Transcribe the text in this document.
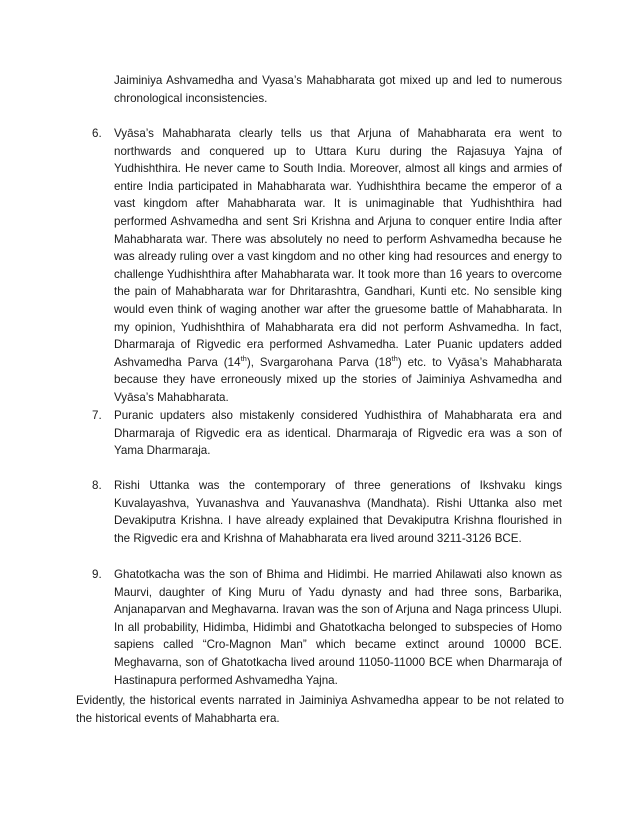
Jaiminiya Ashvamedha and Vyasa’s Mahabharata got mixed up and led to numerous chronological inconsistencies.

6. Vyāsa’s Mahabharata clearly tells us that Arjuna of Mahabharata era went to northwards and conquered up to Uttara Kuru during the Rajasuya Yajna of Yudhishthira. He never came to South India. Moreover, almost all kings and armies of entire India participated in Mahabharata war. Yudhishthira became the emperor of a vast kingdom after Mahabharata war. It is unimaginable that Yudhishthira had performed Ashvamedha and sent Sri Krishna and Arjuna to conquer entire India after Mahabharata war. There was absolutely no need to perform Ashvamedha because he was already ruling over a vast kingdom and no other king had resources and energy to challenge Yudhishthira after Mahabharata war. It took more than 16 years to overcome the pain of Mahabharata war for Dhritarashtra, Gandhari, Kunti etc. No sensible king would even think of waging another war after the gruesome battle of Mahabharata. In my opinion, Yudhishthira of Mahabharata era did not perform Ashvamedha. In fact, Dharmaraja of Rigvedic era performed Ashvamedha. Later Puanic updaters added Ashvamedha Parva (14th), Svargarohana Parva (18th) etc. to Vyāsa’s Mahabharata because they have erroneously mixed up the stories of Jaiminiya Ashvamedha and Vyāsa’s Mahabharata.

7. Puranic updaters also mistakenly considered Yudhisthira of Mahabharata era and Dharmaraja of Rigvedic era as identical. Dharmaraja of Rigvedic era was a son of Yama Dharmaraja.

8. Rishi Uttanka was the contemporary of three generations of Ikshvaku kings Kuvalayashva, Yuvanashva and Yauvanashva (Mandhata). Rishi Uttanka also met Devakiputra Krishna. I have already explained that Devakiputra Krishna flourished in the Rigvedic era and Krishna of Mahabharata era lived around 3211-3126 BCE.

9. Ghatotkacha was the son of Bhima and Hidimbi. He married Ahilawati also known as Maurvi, daughter of King Muru of Yadu dynasty and had three sons, Barbarika, Anjanaparvan and Meghavarna. Iravan was the son of Arjuna and Naga princess Ulupi. In all probability, Hidimba, Hidimbi and Ghatotkacha belonged to subspecies of Homo sapiens called “Cro-Magnon Man” which became extinct around 10000 BCE. Meghavarna, son of Ghatotkacha lived around 11050-11000 BCE when Dharmaraja of Hastinapura performed Ashvamedha Yajna.

Evidently, the historical events narrated in Jaiminiya Ashvamedha appear to be not related to the historical events of Mahabharta era.
